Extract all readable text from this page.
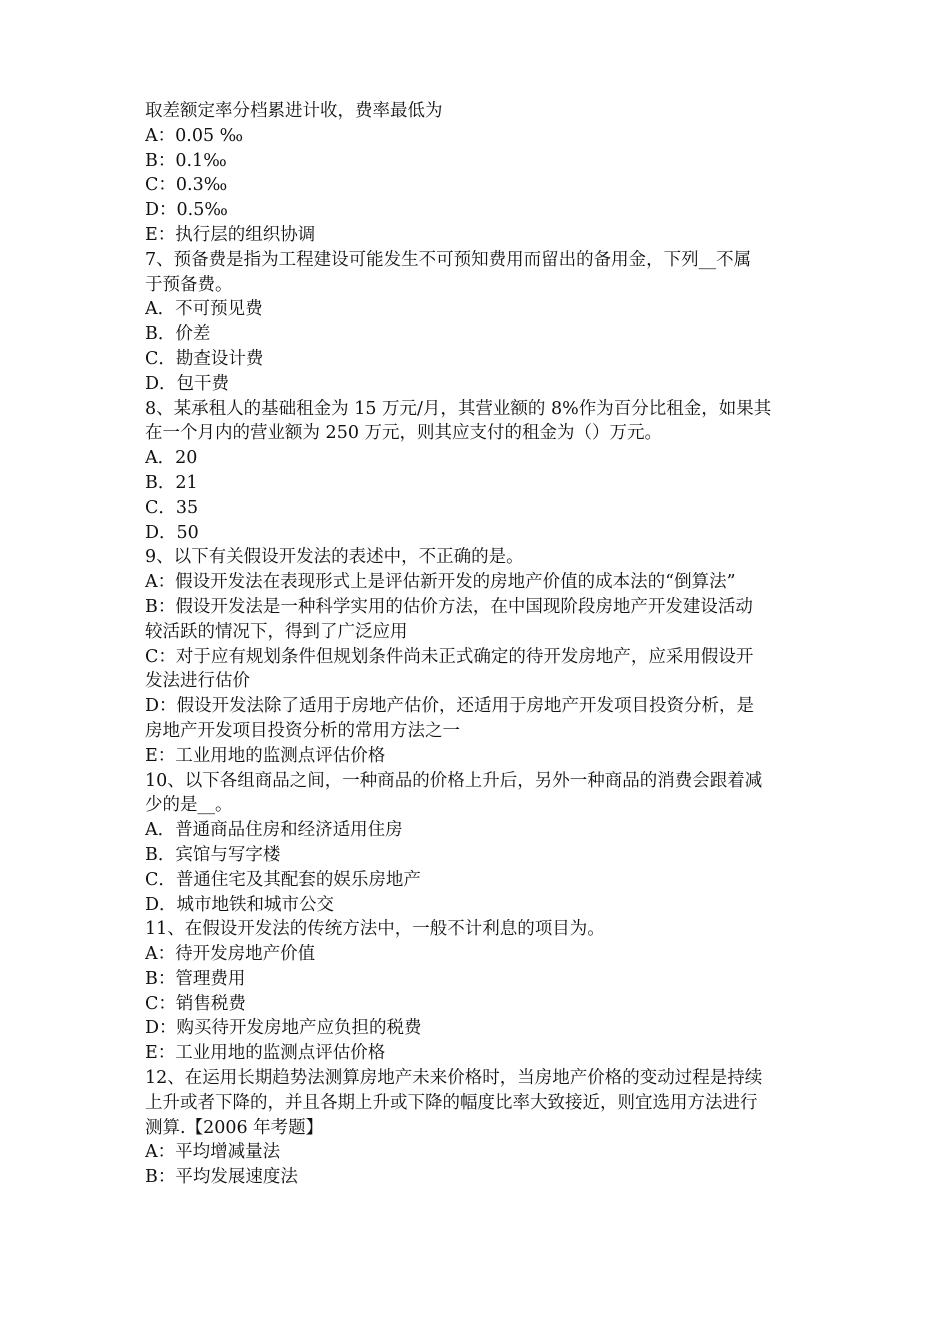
取差额定率分档累进计收，费率最低为

A：0.05 ‰

B：0.1‰

C：0.3‰

D：0.5‰

E：执行层的组织协调

7、预备费是指为工程建设可能发生不可预知费用而留出的备用金，下列__不属

于预备费。

A．不可预见费

B．价差

C．勘查设计费

D．包干费

8、某承租人的基础租金为 15 万元/月，其营业额的 8%作为百分比租金，如果其

在一个月内的营业额为 250 万元，则其应支付的租金为（）万元。

A．20

B．21

C．35

D．50

9、以下有关假设开发法的表述中，不正确的是。

A：假设开发法在表现形式上是评估新开发的房地产价值的成本法的“倒算法”

B：假设开发法是一种科学实用的估价方法，在中国现阶段房地产开发建设活动

较活跃的情况下，得到了广泛应用

C：对于应有规划条件但规划条件尚未正式确定的待开发房地产，应采用假设开

发法进行估价

D：假设开发法除了适用于房地产估价，还适用于房地产开发项目投资分析，是

房地产开发项目投资分析的常用方法之一

E：工业用地的监测点评估价格

10、以下各组商品之间，一种商品的价格上升后，另外一种商品的消费会跟着减

少的是__。

A．普通商品住房和经济适用住房

B．宾馆与写字楼

C．普通住宅及其配套的娱乐房地产

D．城市地铁和城市公交

11、在假设开发法的传统方法中，一般不计利息的项目为。

A：待开发房地产价值

B：管理费用

C：销售税费

D：购买待开发房地产应负担的税费

E：工业用地的监测点评估价格

12、在运用长期趋势法测算房地产未来价格时，当房地产价格的变动过程是持续

上升或者下降的，并且各期上升或下降的幅度比率大致接近，则宜选用方法进行

测算.【2006 年考题】

A：平均增减量法

B：平均发展速度法
